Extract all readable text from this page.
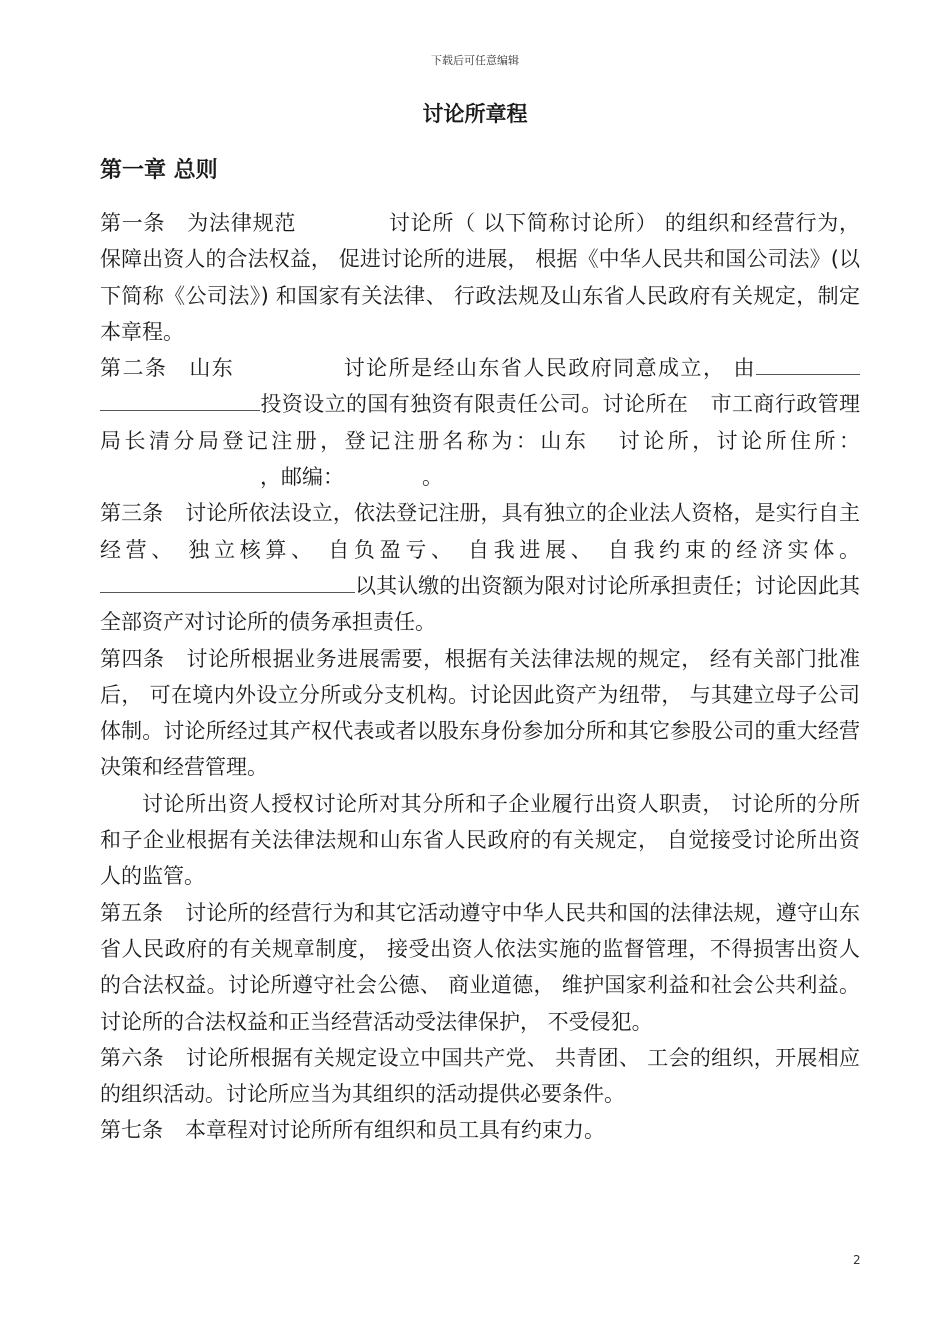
下载后可任意编辑
讨论所章程
第一章 总则

第一条 为法律规范	讨论所（ 以下简称讨论所） 的组织和经营行为， 保障出资人的合法权益， 促进讨论所的进展， 根据《中华人民共和国公司法》(以下简称《公司法》) 和国家有关法律、 行政法规及山东省人民政府有关规定，制定本章程。

第二条 山东	讨论所是经山东省人民政府同意成立， 由投资设立的国有独资有限责任公司。讨论所在 市工商行政管理局长清分局登记注册，登记注册名称为：山东 讨论所，讨论所住所：，邮编：	。

第三条 讨论所依法设立，依法登记注册，具有独立的企业法人资格，是实行自主经营、 独立核算、 自负盈亏、 自我进展、 自我约束的经济实体。 以其认缴的出资额为限对讨论所承担责任；讨论因此其全部资产对讨论所的债务承担责任。

第四条 讨论所根据业务进展需要，根据有关法律法规的规定， 经有关部门批准后， 可在境内外设立分所或分支机构。讨论因此资产为纽带， 与其建立母子公司体制。讨论所经过其产权代表或者以股东身份参加分所和其它参股公司的重大经营决策和经营管理。

讨论所出资人授权讨论所对其分所和子企业履行出资人职责， 讨论所的分所和子企业根据有关法律法规和山东省人民政府的有关规定， 自觉接受讨论所出资人的监管。

第五条 讨论所的经营行为和其它活动遵守中华人民共和国的法律法规，遵守山东省人民政府的有关规章制度， 接受出资人依法实施的监督管理，不得损害出资人的合法权益。讨论所遵守社会公德、 商业道德， 维护国家利益和社会公共利益。讨论所的合法权益和正当经营活动受法律保护， 不受侵犯。

第六条 讨论所根据有关规定设立中国共产党、 共青团、 工会的组织，开展相应的组织活动。讨论所应当为其组织的活动提供必要条件。

第七条 本章程对讨论所所有组织和员工具有约束力。

2
